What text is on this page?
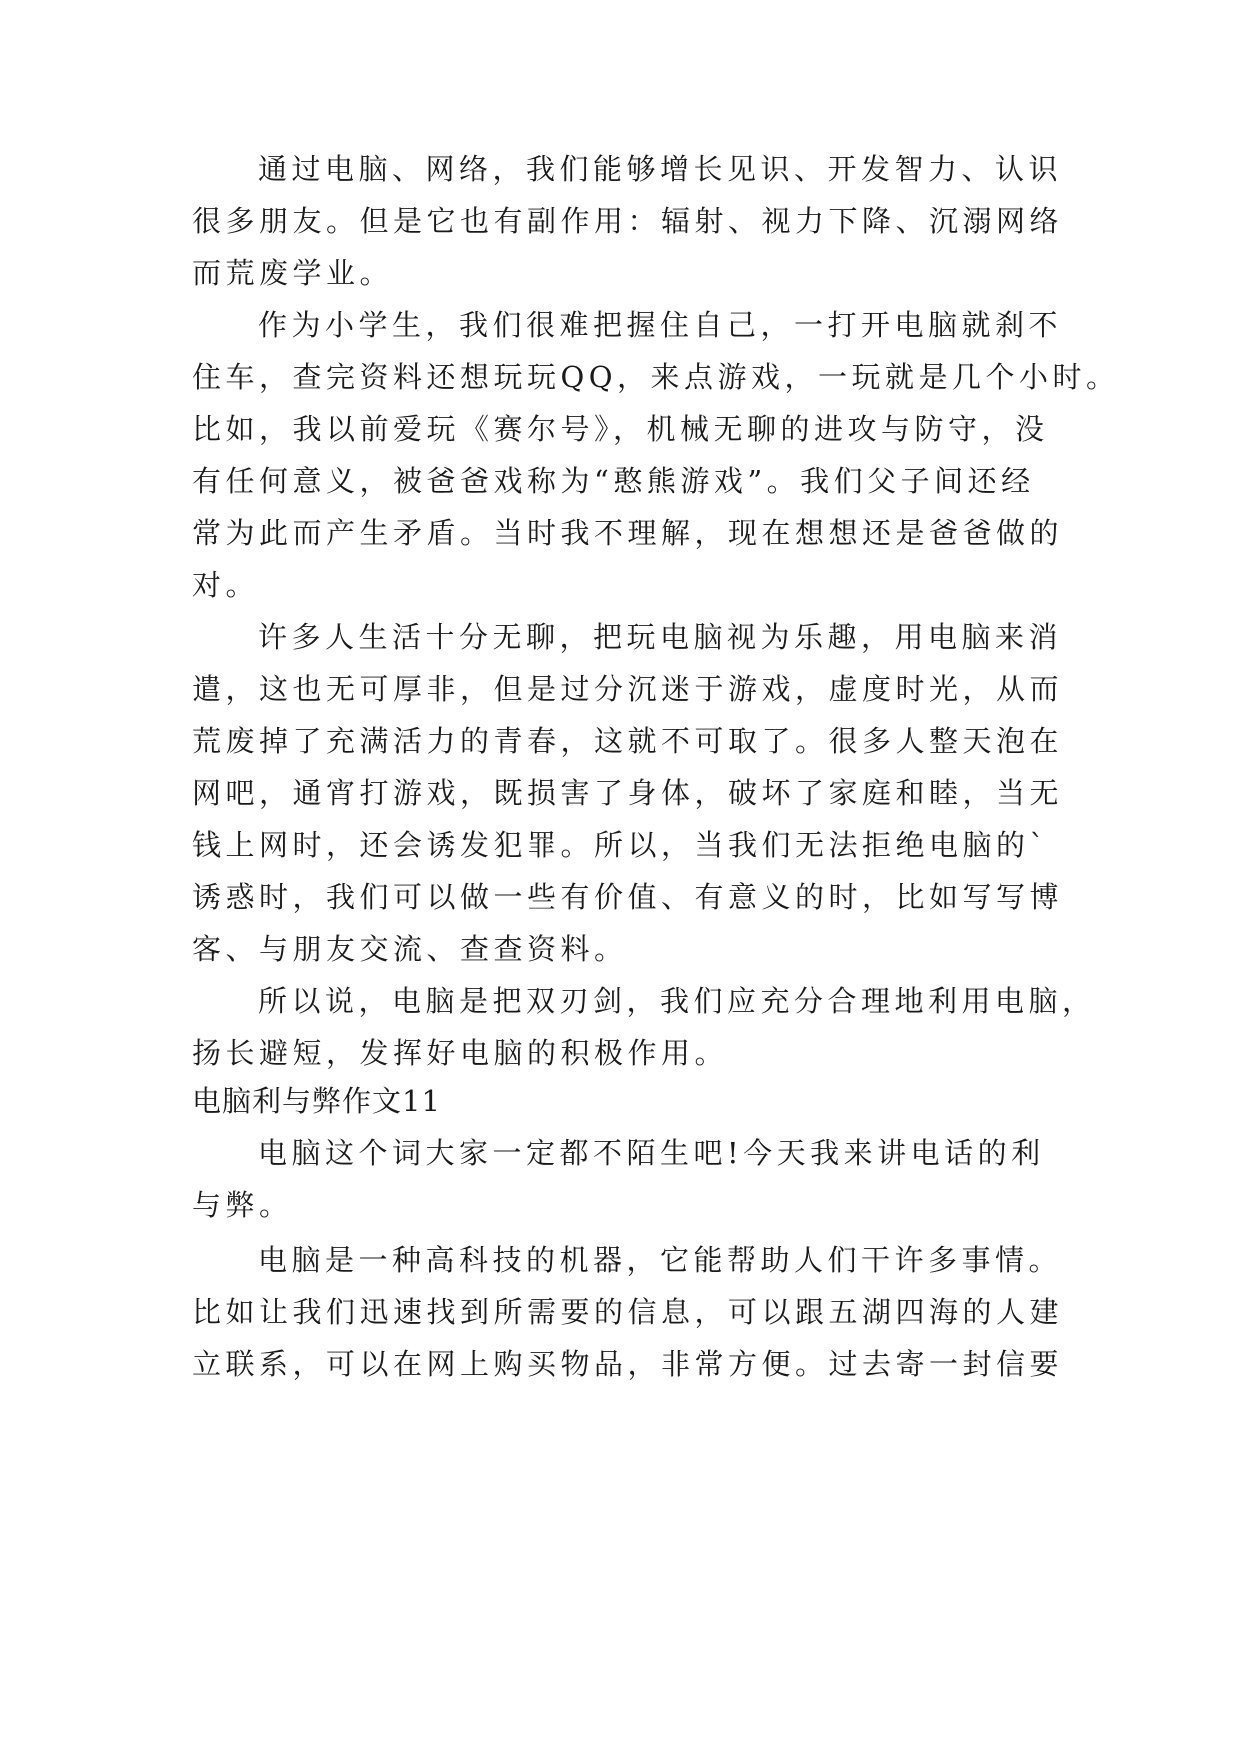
通过电脑、网络，我们能够增长见识、开发智力、认识
很多朋友。但是它也有副作用：辐射、视力下降、沉溺网络
而荒废学业。
作为小学生，我们很难把握住自己，一打开电脑就刹不
住车，查完资料还想玩玩QQ，来点游戏，一玩就是几个小时。
比如，我以前爱玩《赛尔号》，机械无聊的进攻与防守，没
有任何意义，被爸爸戏称为“憨熊游戏”。我们父子间还经
常为此而产生矛盾。当时我不理解，现在想想还是爸爸做的
对。
许多人生活十分无聊，把玩电脑视为乐趣，用电脑来消
遣，这也无可厚非，但是过分沉迷于游戏，虚度时光，从而
荒废掉了充满活力的青春，这就不可取了。很多人整天泡在
网吧，通宵打游戏，既损害了身体，破坏了家庭和睦，当无
钱上网时，还会诱发犯罪。所以，当我们无法拒绝电脑的`
诱惑时，我们可以做一些有价值、有意义的时，比如写写博
客、与朋友交流、查查资料。
所以说，电脑是把双刃剑，我们应充分合理地利用电脑，
扬长避短，发挥好电脑的积极作用。
电脑利与弊作文11
电脑这个词大家一定都不陌生吧!今天我来讲电话的利
与弊。
电脑是一种高科技的机器，它能帮助人们干许多事情。
比如让我们迅速找到所需要的信息，可以跟五湖四海的人建
立联系，可以在网上购买物品，非常方便。过去寄一封信要
